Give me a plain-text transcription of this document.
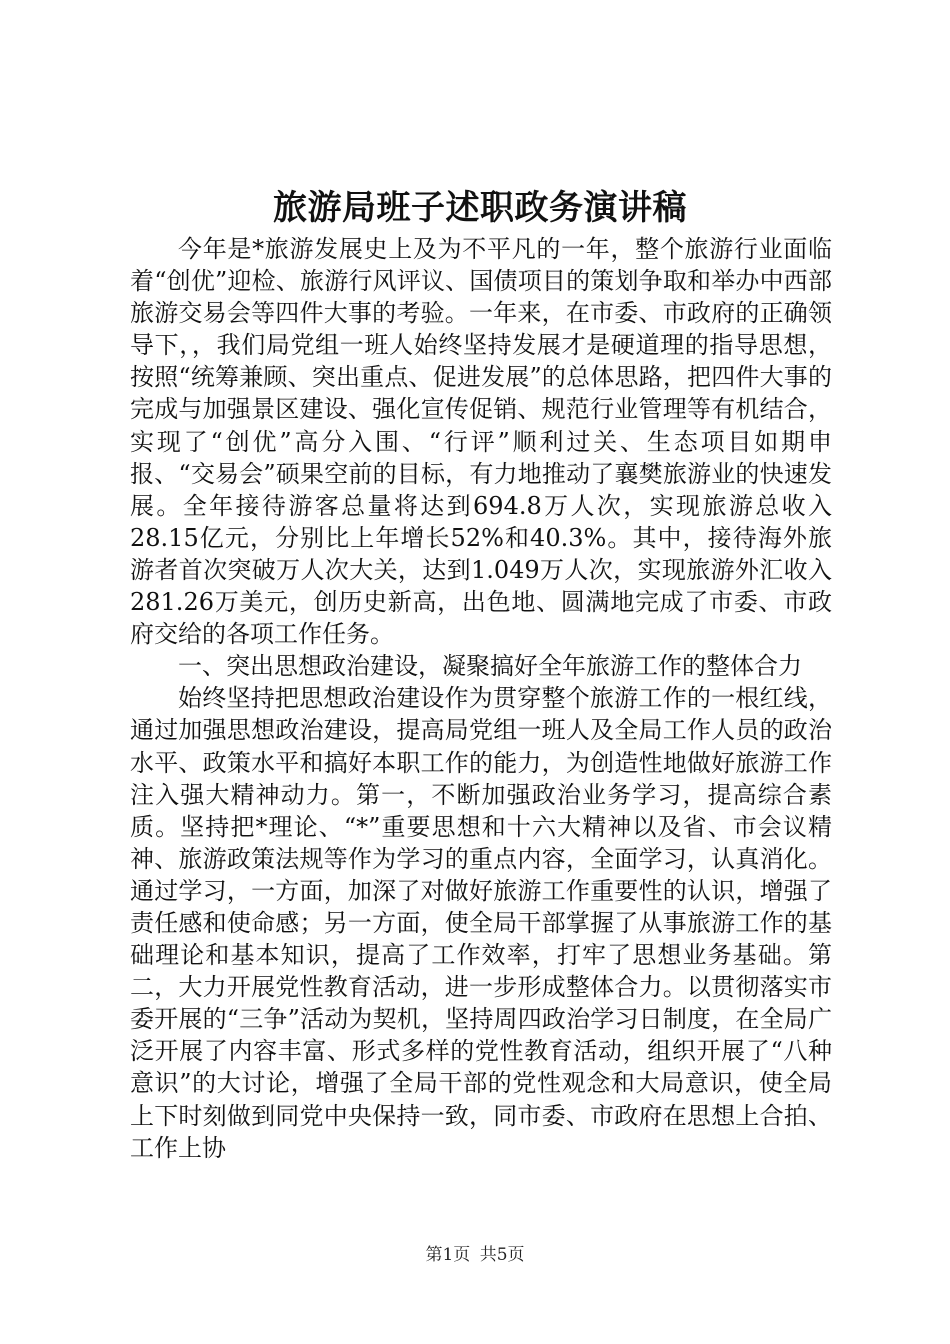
旅游局班子述职政务演讲稿

今年是*旅游发展史上及为不平凡的一年，整个旅游行业面临着“创优”迎检、旅游行风评议、国债项目的策划争取和举办中西部旅游交易会等四件大事的考验。一年来，在市委、市政府的正确领导下，，我们局党组一班人始终坚持发展才是硬道理的指导思想，按照“统筹兼顾、突出重点、促进发展”的总体思路，把四件大事的完成与加强景区建设、强化宣传促销、规范行业管理等有机结合，实现了“创优”高分入围、“行评”顺利过关、生态项目如期申报、“交易会”硕果空前的目标，有力地推动了襄樊旅游业的快速发展。全年接待游客总量将达到694.8万人次，实现旅游总收入28.15亿元，分别比上年增长52%和40.3%。其中，接待海外旅游者首次突破万人次大关，达到1.049万人次，实现旅游外汇收入281.26万美元，创历史新高，出色地、圆满地完成了市委、市政府交给的各项工作任务。

一、突出思想政治建设，凝聚搞好全年旅游工作的整体合力

始终坚持把思想政治建设作为贯穿整个旅游工作的一根红线，通过加强思想政治建设，提高局党组一班人及全局工作人员的政治水平、政策水平和搞好本职工作的能力，为创造性地做好旅游工作注入强大精神动力。第一，不断加强政治业务学习，提高综合素质。坚持把*理论、“*”重要思想和十六大精神以及省、市会议精神、旅游政策法规等作为学习的重点内容，全面学习，认真消化。通过学习，一方面，加深了对做好旅游工作重要性的认识，增强了责任感和使命感；另一方面，使全局干部掌握了从事旅游工作的基础理论和基本知识，提高了工作效率，打牢了思想业务基础。第二，大力开展党性教育活动，进一步形成整体合力。以贯彻落实市委开展的“三争”活动为契机，坚持周四政治学习日制度，在全局广泛开展了内容丰富、形式多样的党性教育活动，组织开展了“八种意识”的大讨论，增强了全局干部的党性观念和大局意识，使全局上下时刻做到同党中央保持一致，同市委、市政府在思想上合拍、工作上协

第1页 共5页
